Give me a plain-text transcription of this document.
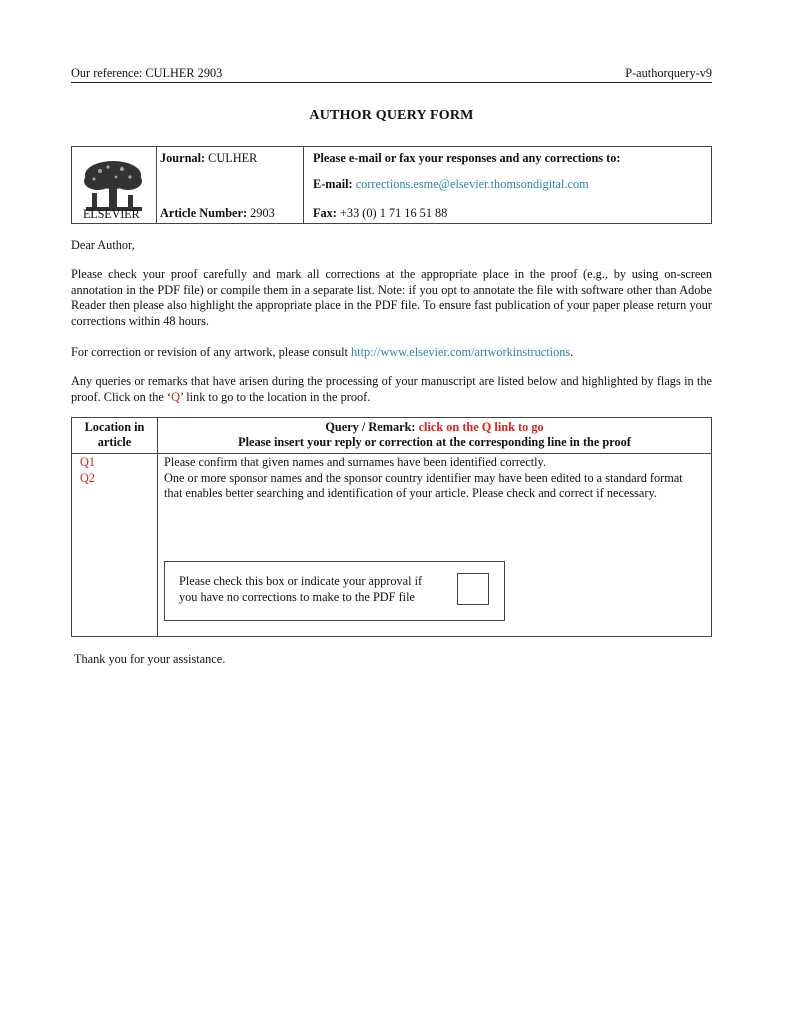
Our reference: CULHER 2903	P-authorquery-v9
AUTHOR QUERY FORM
ELSEVIER
Journal: CULHER
Article Number: 2903
Please e-mail or fax your responses and any corrections to:
E-mail: corrections.esme@elsevier.thomsondigital.com
Fax: +33 (0) 1 71 16 51 88
Dear Author,

Please check your proof carefully and mark all corrections at the appropriate place in the proof (e.g., by using on-screen annotation in the PDF file) or compile them in a separate list. Note: if you opt to annotate the file with software other than Adobe Reader then please also highlight the appropriate place in the PDF file. To ensure fast publication of your paper please return your corrections within 48 hours.

For correction or revision of any artwork, please consult http://www.elsevier.com/artworkinstructions.
Any queries or remarks that have arisen during the processing of your manuscript are listed below and highlighted by flags in the proof. Click on the ‘Q’ link to go to the location in the proof.
Location in
article
Query / Remark: click on the Q link to go
Please insert your reply or correction at the corresponding line in the proof
Q1
Q2
Please confirm that given names and surnames have been identified correctly.
One or more sponsor names and the sponsor country identifier may have been edited to a standard format
that enables better searching and identification of your article. Please check and correct if necessary.
Please check this box or indicate your approval if
you have no corrections to make to the PDF file
Thank you for your assistance.
